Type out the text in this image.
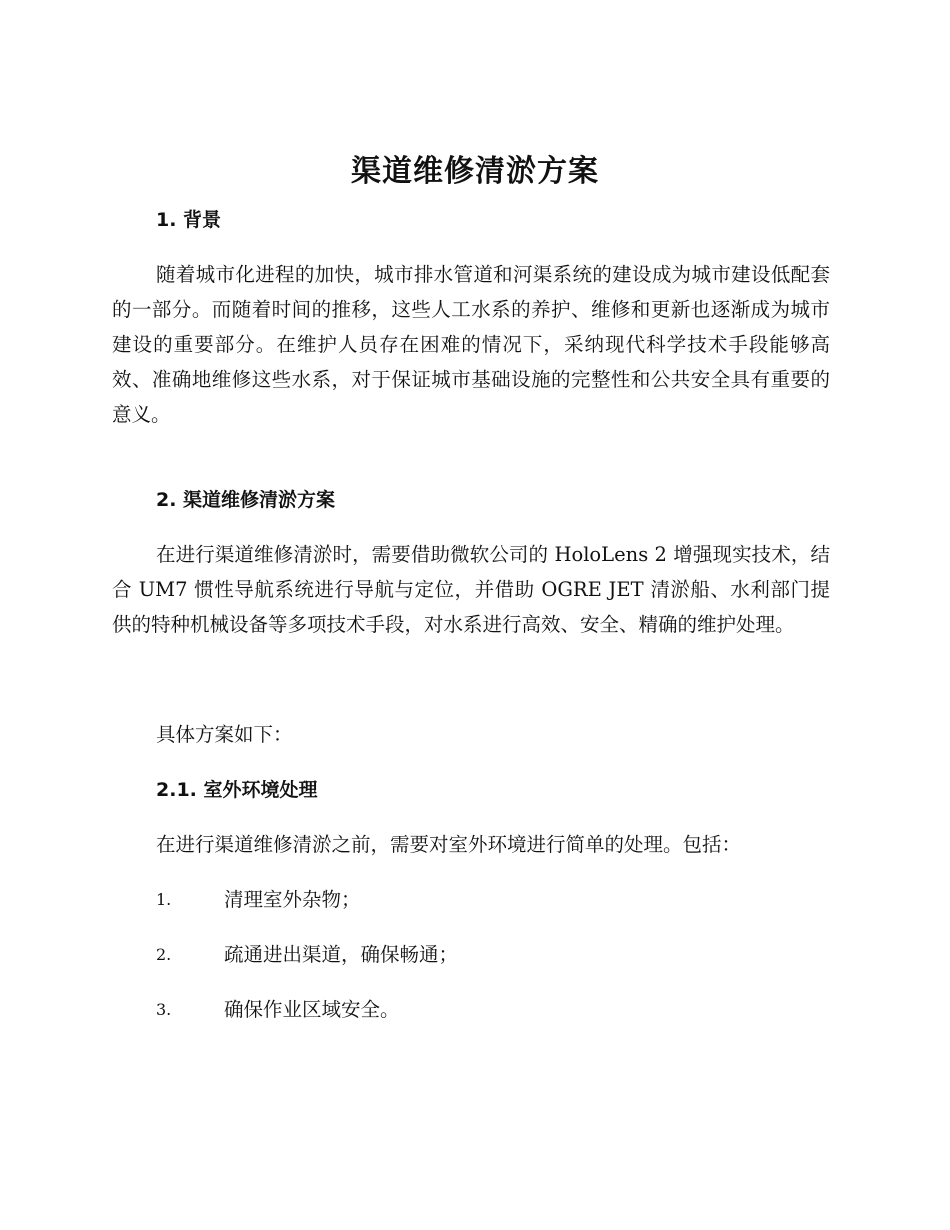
渠道维修清淤方案
1. 背景

随着城市化进程的加快，城市排水管道和河渠系统的建设成为城市建设低配套的一部分。而随着时间的推移，这些人工水系的养护、维修和更新也逐渐成为城市建设的重要部分。在维护人员存在困难的情况下，采纳现代科学技术手段能够高效、准确地维修这些水系，对于保证城市基础设施的完整性和公共安全具有重要的意义。

2. 渠道维修清淤方案

在进行渠道维修清淤时，需要借助微软公司的 HoloLens 2 增强现实技术，结合 UM7 惯性导航系统进行导航与定位，并借助 OGRE JET 清淤船、水利部门提供的特种机械设备等多项技术手段，对水系进行高效、安全、精确的维护处理。

具体方案如下：

2.1. 室外环境处理

在进行渠道维修清淤之前，需要对室外环境进行简单的处理。包括：

1.	清理室外杂物；
2.	疏通进出渠道，确保畅通；
3.	确保作业区域安全。
